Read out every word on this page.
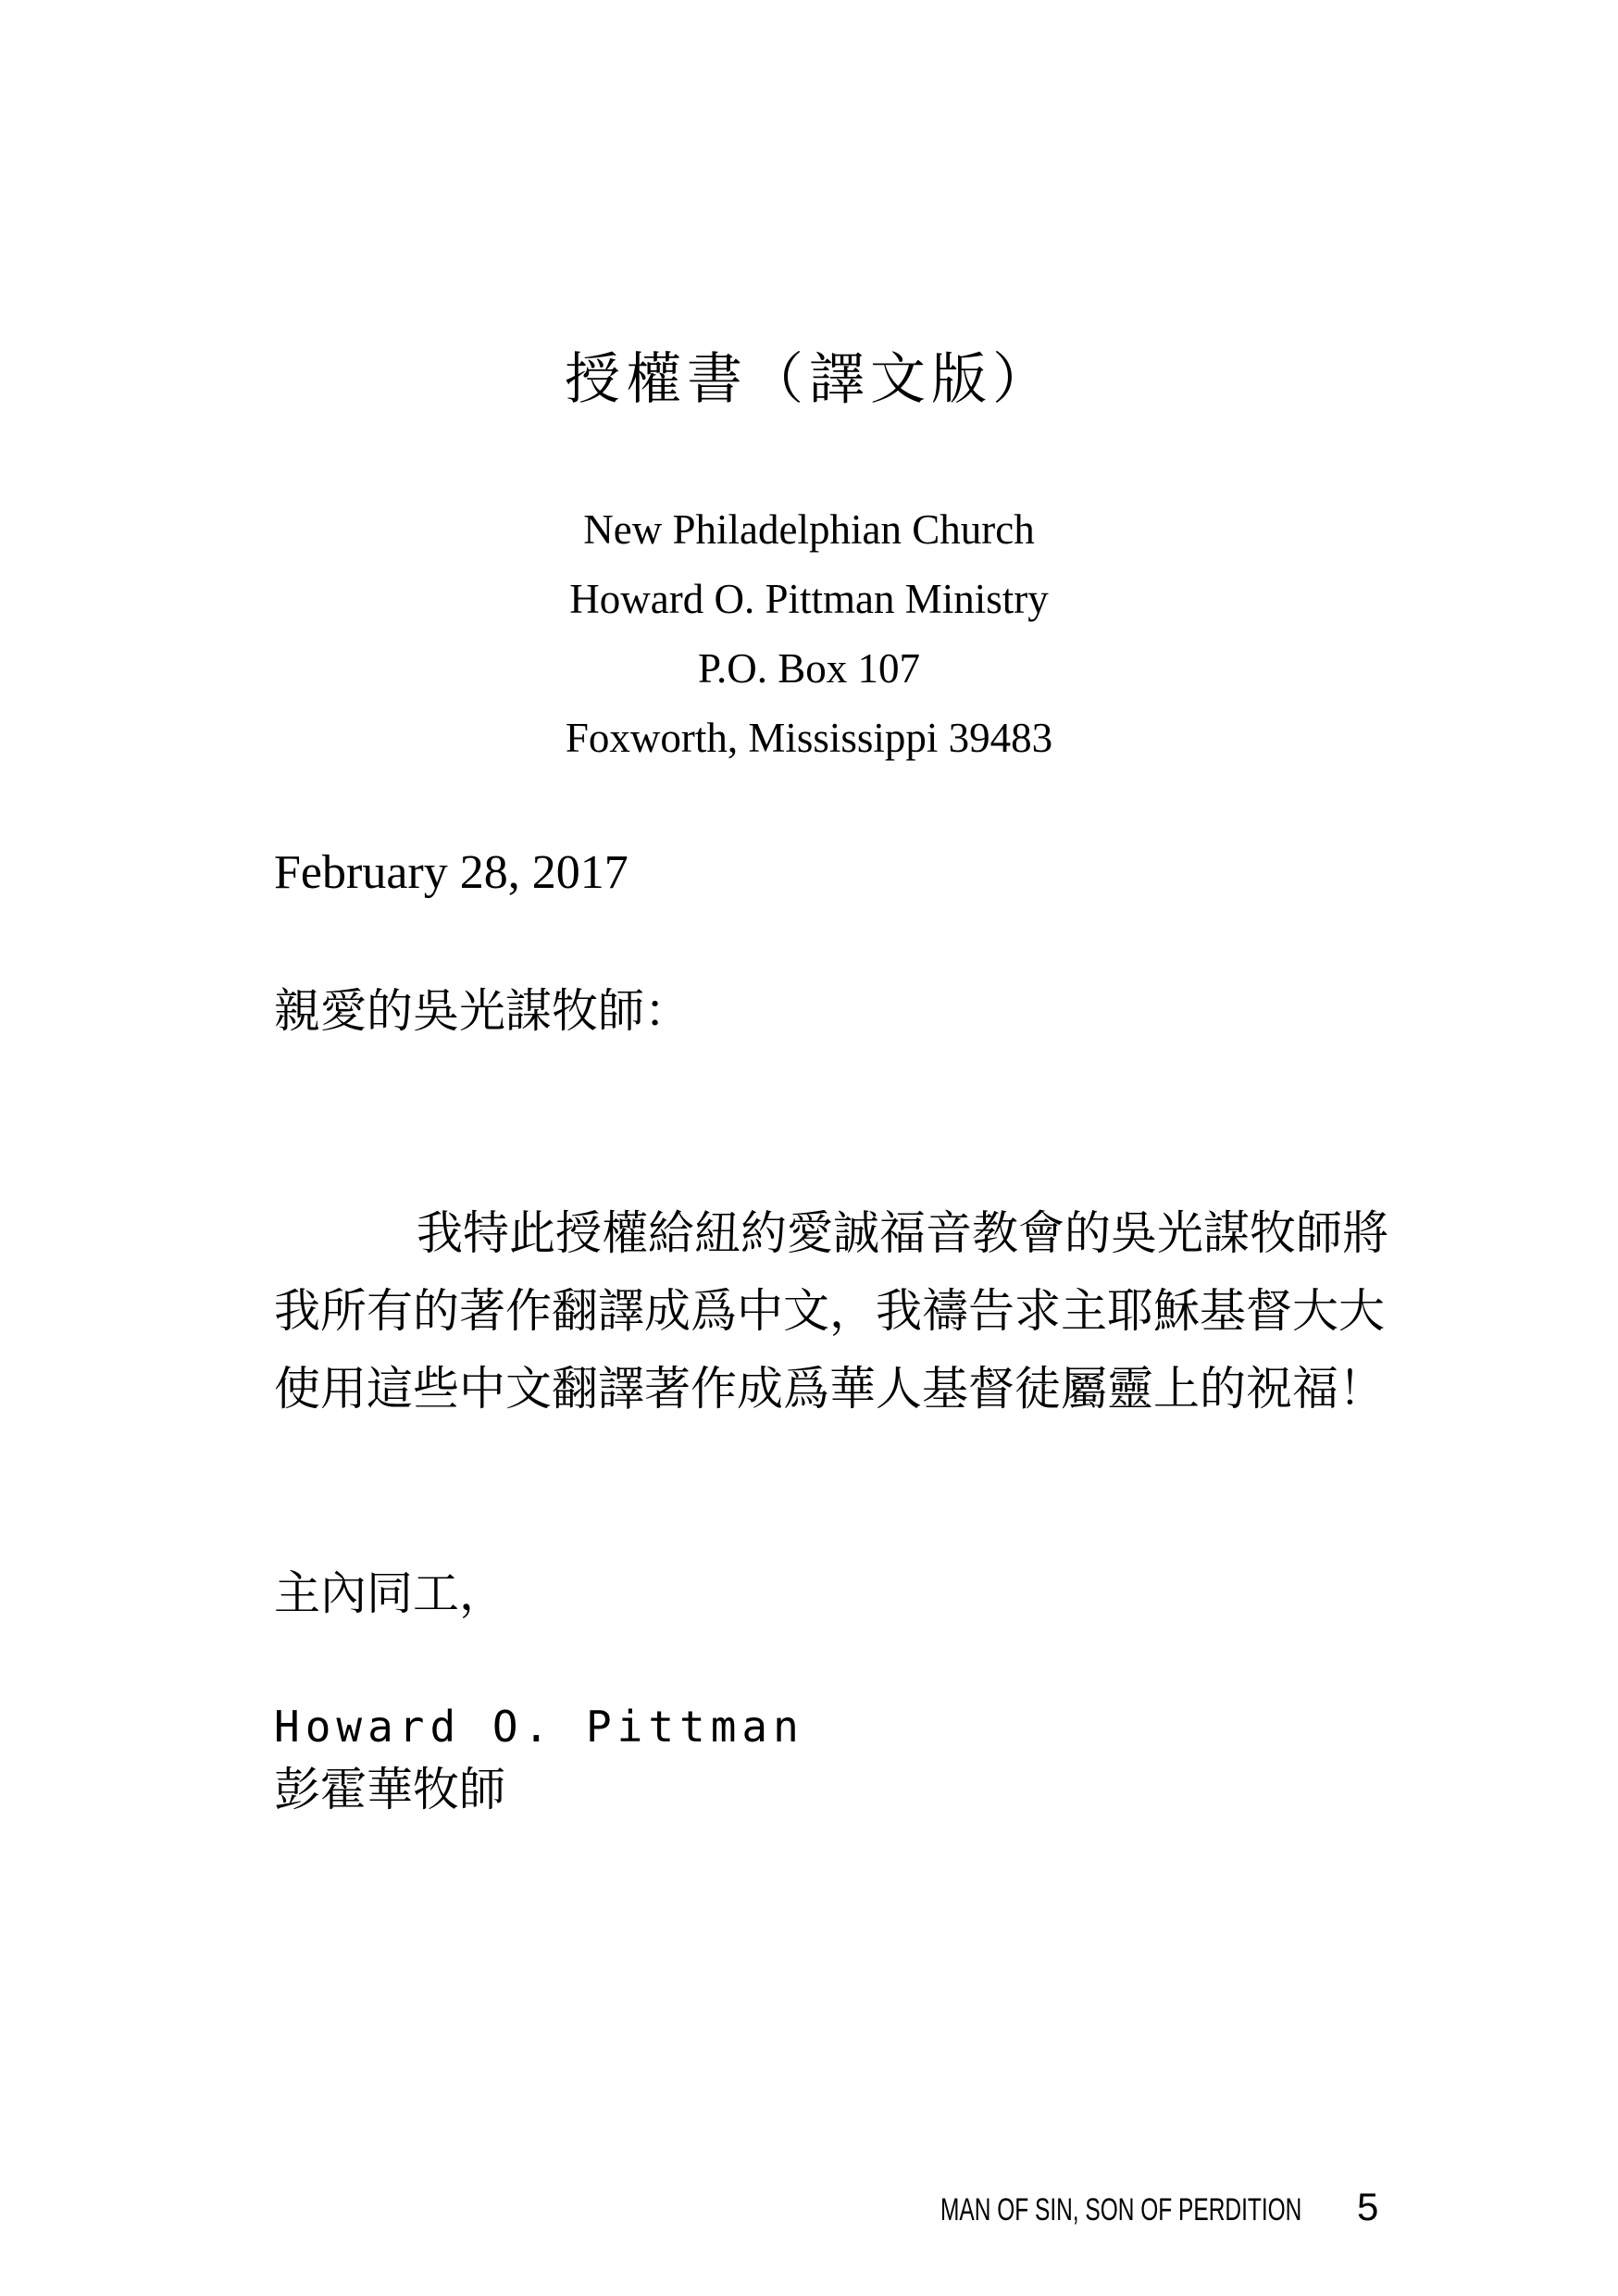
授權書（譯文版）
New Philadelphian Church
Howard O. Pittman Ministry
P.O. Box 107
Foxworth, Mississippi 39483
February 28, 2017
親愛的吳光謀牧師：
我特此授權給紐約愛誠福音教會的吳光謀牧師將
我所有的著作翻譯成爲中文，我禱告求主耶穌基督大大
使用這些中文翻譯著作成爲華人基督徒屬靈上的祝福！
主內同工，
Howard O. Pittman
彭霍華牧師
MAN OF SIN, SON OF PERDITION 5
